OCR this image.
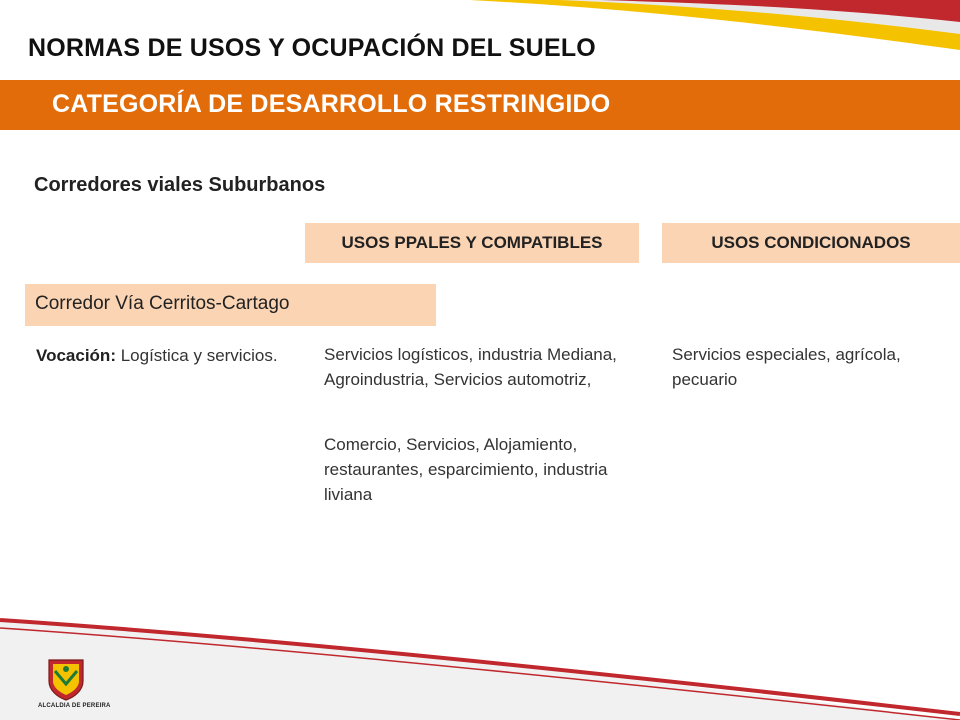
NORMAS DE USOS Y OCUPACIÓN DEL SUELO
CATEGORÍA DE DESARROLLO RESTRINGIDO
Corredores viales Suburbanos
USOS PPALES Y COMPATIBLES	USOS CONDICIONADOS
Corredor Vía Cerritos-Cartago
Vocación: Logística y servicios.	Servicios logísticos, industria Mediana, Agroindustria, Servicios automotriz,
Comercio, Servicios, Alojamiento, restaurantes, esparcimiento, industria liviana
Servicios especiales, agrícola, pecuario
ALCALDIA DE PEREIRA
